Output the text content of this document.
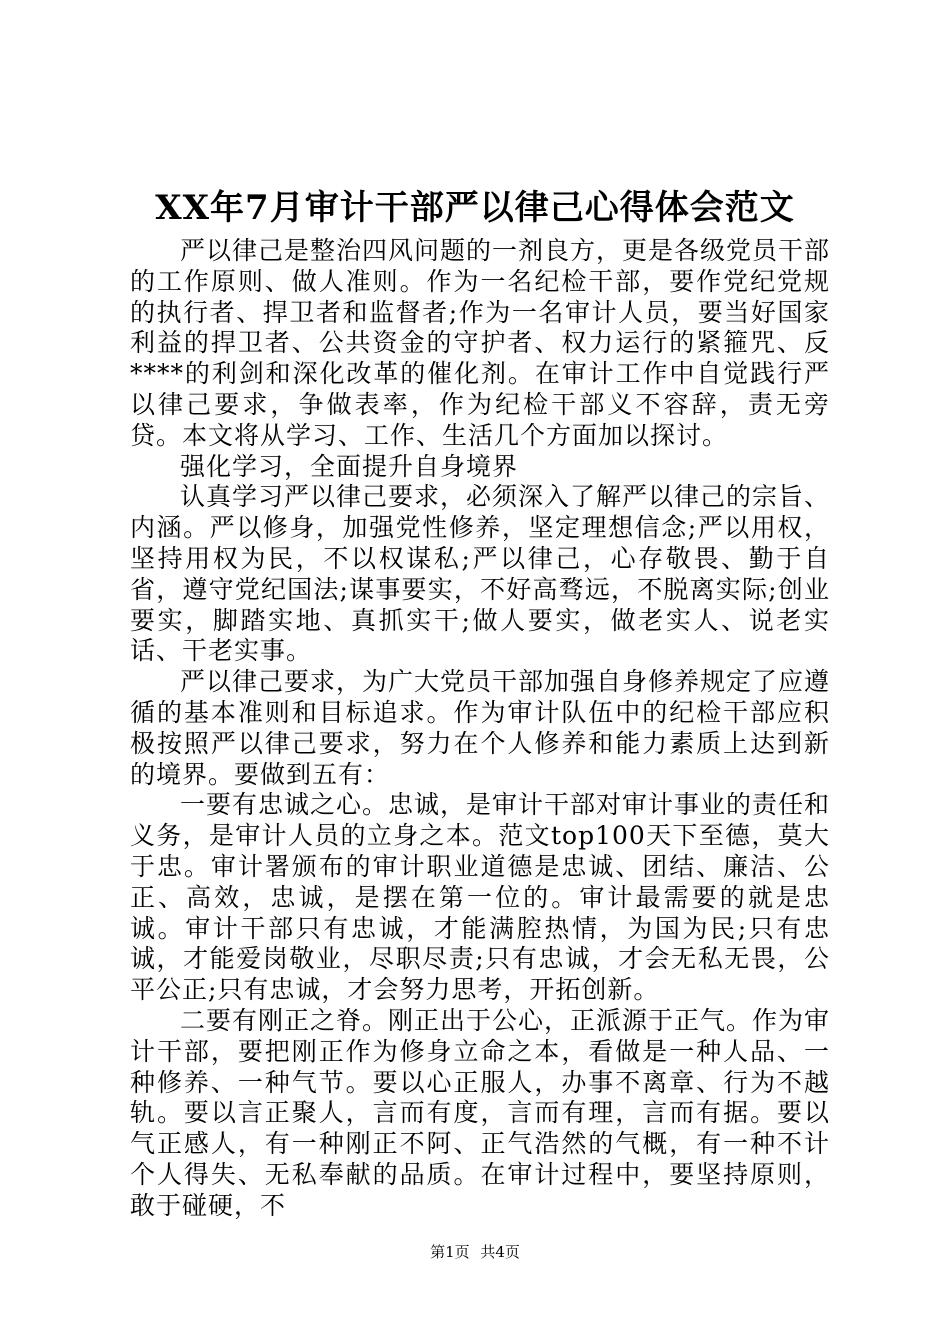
XX年7月审计干部严以律己心得体会范文

严以律己是整治四风问题的一剂良方，更是各级党员干部的工作原则、做人准则。作为一名纪检干部，要作党纪党规的执行者、捍卫者和监督者;作为一名审计人员，要当好国家利益的捍卫者、公共资金的守护者、权力运行的紧箍咒、反****的利剑和深化改革的催化剂。在审计工作中自觉践行严以律己要求，争做表率，作为纪检干部义不容辞，责无旁贷。本文将从学习、工作、生活几个方面加以探讨。

强化学习，全面提升自身境界

认真学习严以律己要求，必须深入了解严以律己的宗旨、内涵。严以修身，加强党性修养，坚定理想信念;严以用权，坚持用权为民，不以权谋私;严以律己，心存敬畏、勤于自省，遵守党纪国法;谋事要实，不好高骛远，不脱离实际;创业要实，脚踏实地、真抓实干;做人要实，做老实人、说老实话、干老实事。

严以律己要求，为广大党员干部加强自身修养规定了应遵循的基本准则和目标追求。作为审计队伍中的纪检干部应积极按照严以律己要求，努力在个人修养和能力素质上达到新的境界。要做到五有：

一要有忠诚之心。忠诚，是审计干部对审计事业的责任和义务，是审计人员的立身之本。范文top100天下至德，莫大于忠。审计署颁布的审计职业道德是忠诚、团结、廉洁、公正、高效，忠诚，是摆在第一位的。审计最需要的就是忠诚。审计干部只有忠诚，才能满腔热情，为国为民;只有忠诚，才能爱岗敬业，尽职尽责;只有忠诚，才会无私无畏，公平公正;只有忠诚，才会努力思考，开拓创新。

二要有刚正之脊。刚正出于公心，正派源于正气。作为审计干部，要把刚正作为修身立命之本，看做是一种人品、一种修养、一种气节。要以心正服人，办事不离章、行为不越轨。要以言正聚人，言而有度，言而有理，言而有据。要以气正感人，有一种刚正不阿、正气浩然的气概，有一种不计个人得失、无私奉献的品质。在审计过程中，要坚持原则，敢于碰硬，不

第1页 共4页
